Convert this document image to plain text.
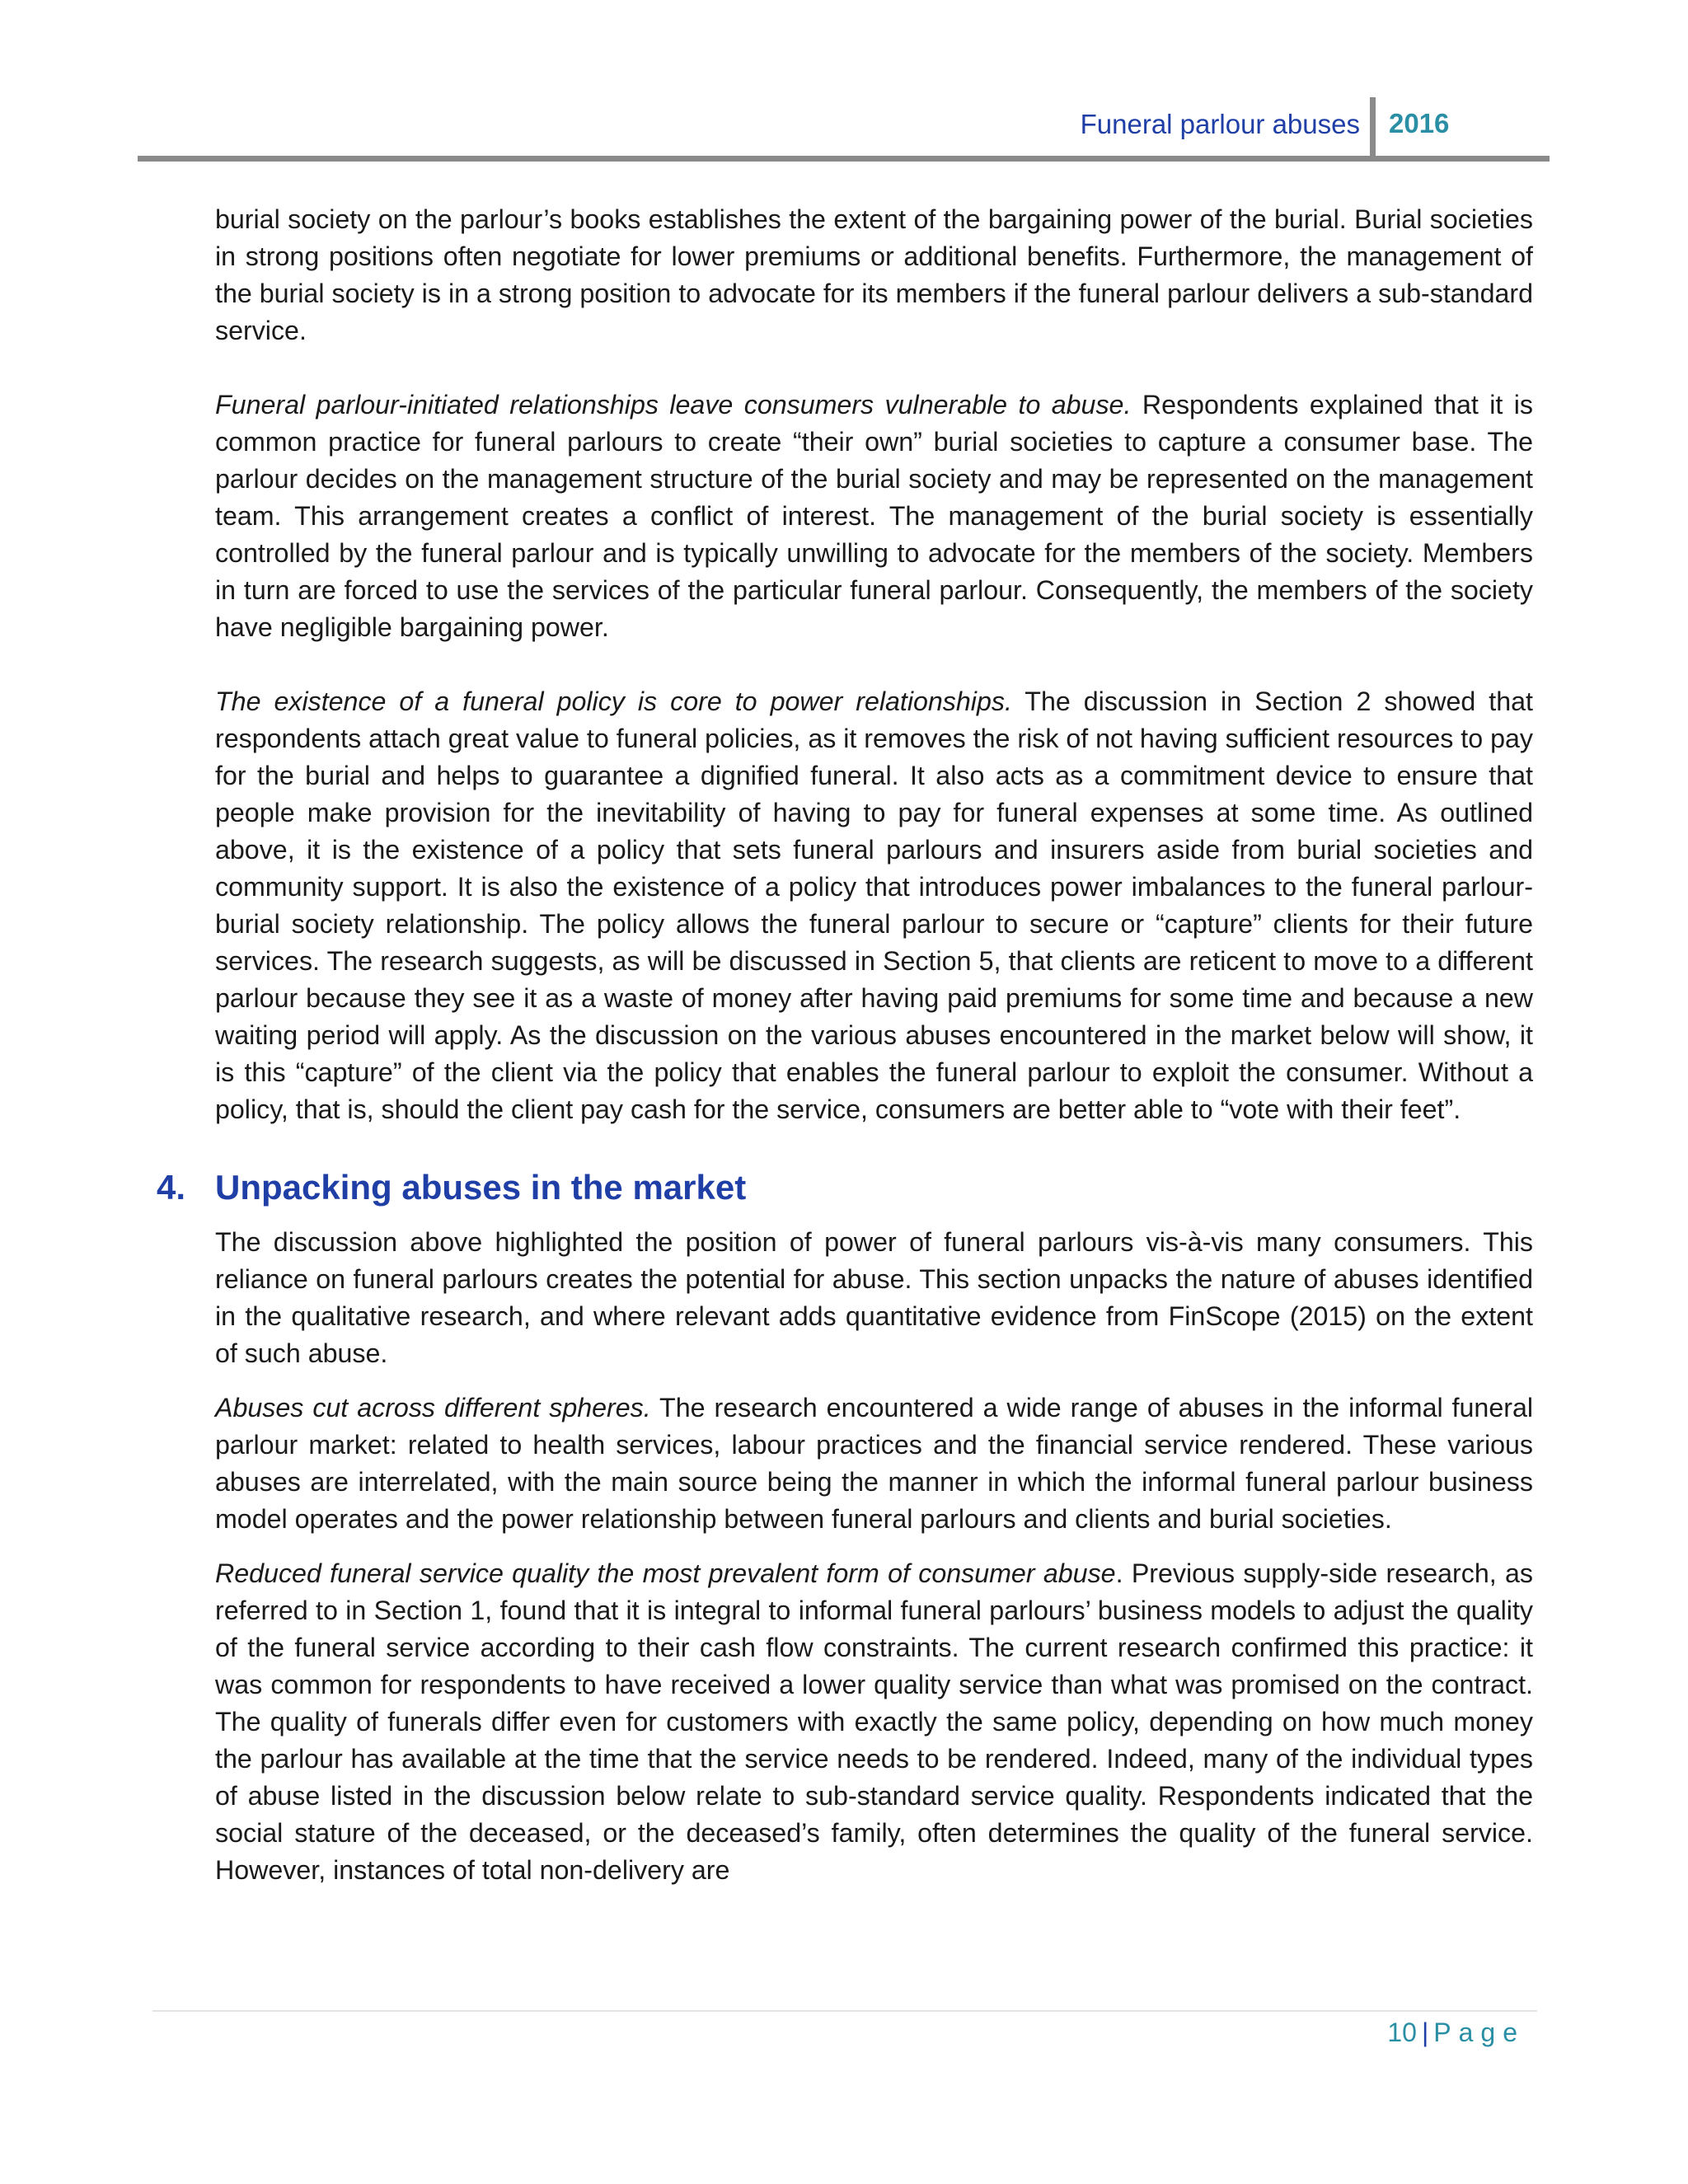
Funeral parlour abuses 2016

burial society on the parlour’s books establishes the extent of the bargaining power of the burial. Burial societies in strong positions often negotiate for lower premiums or additional benefits. Furthermore, the management of the burial society is in a strong position to advocate for its members if the funeral parlour delivers a sub-standard service.

Funeral parlour-initiated relationships leave consumers vulnerable to abuse. Respondents explained that it is common practice for funeral parlours to create “their own” burial societies to capture a consumer base. The parlour decides on the management structure of the burial society and may be represented on the management team. This arrangement creates a conflict of interest. The management of the burial society is essentially controlled by the funeral parlour and is typically unwilling to advocate for the members of the society. Members in turn are forced to use the services of the particular funeral parlour. Consequently, the members of the society have negligible bargaining power.

The existence of a funeral policy is core to power relationships. The discussion in Section 2 showed that respondents attach great value to funeral policies, as it removes the risk of not having sufficient resources to pay for the burial and helps to guarantee a dignified funeral. It also acts as a commitment device to ensure that people make provision for the inevitability of having to pay for funeral expenses at some time. As outlined above, it is the existence of a policy that sets funeral parlours and insurers aside from burial societies and community support. It is also the existence of a policy that introduces power imbalances to the funeral parlour-burial society relationship. The policy allows the funeral parlour to secure or “capture” clients for their future services. The research suggests, as will be discussed in Section 5, that clients are reticent to move to a different parlour because they see it as a waste of money after having paid premiums for some time and because a new waiting period will apply. As the discussion on the various abuses encountered in the market below will show, it is this “capture” of the client via the policy that enables the funeral parlour to exploit the consumer. Without a policy, that is, should the client pay cash for the service, consumers are better able to “vote with their feet”.

4. Unpacking abuses in the market

The discussion above highlighted the position of power of funeral parlours vis-à-vis many consumers. This reliance on funeral parlours creates the potential for abuse. This section unpacks the nature of abuses identified in the qualitative research, and where relevant adds quantitative evidence from FinScope (2015) on the extent of such abuse.

Abuses cut across different spheres. The research encountered a wide range of abuses in the informal funeral parlour market: related to health services, labour practices and the financial service rendered. These various abuses are interrelated, with the main source being the manner in which the informal funeral parlour business model operates and the power relationship between funeral parlours and clients and burial societies.

Reduced funeral service quality the most prevalent form of consumer abuse. Previous supply-side research, as referred to in Section 1, found that it is integral to informal funeral parlours’ business models to adjust the quality of the funeral service according to their cash flow constraints. The current research confirmed this practice: it was common for respondents to have received a lower quality service than what was promised on the contract. The quality of funerals differ even for customers with exactly the same policy, depending on how much money the parlour has available at the time that the service needs to be rendered. Indeed, many of the individual types of abuse listed in the discussion below relate to sub-standard service quality. Respondents indicated that the social stature of the deceased, or the deceased’s family, often determines the quality of the funeral service. However, instances of total non-delivery are

10 | Page
